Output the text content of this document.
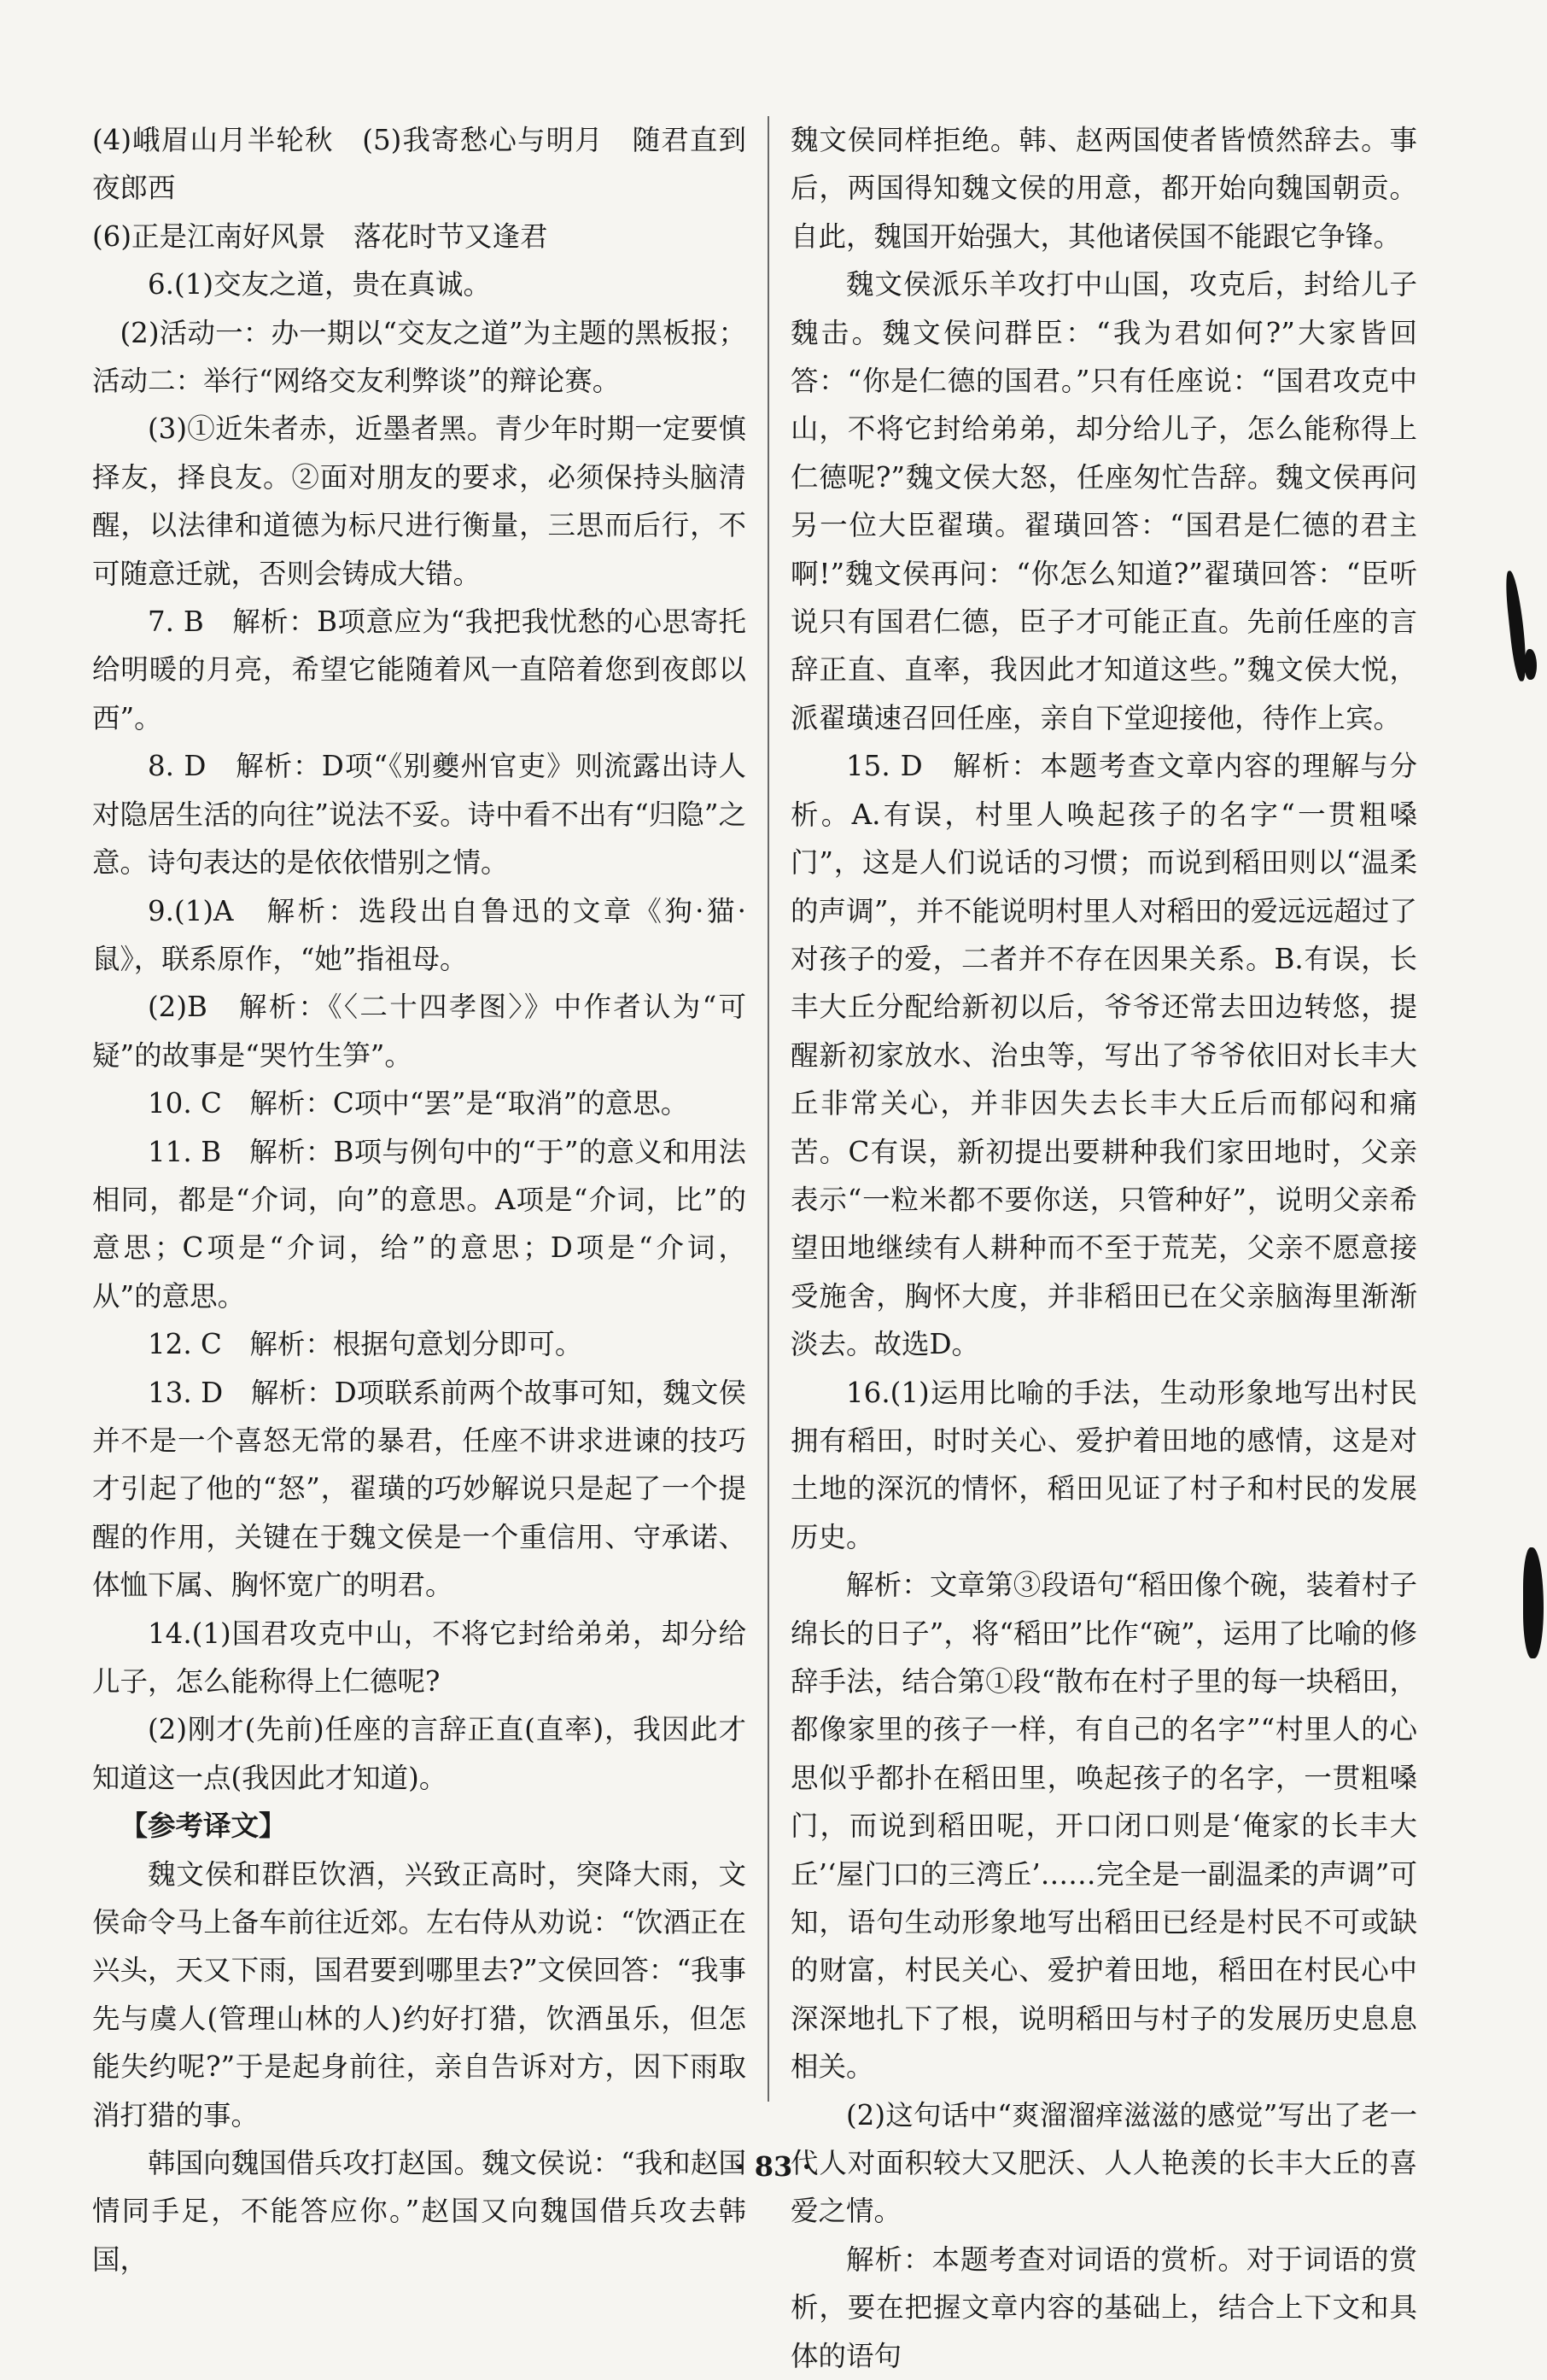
(4)峨眉山月半轮秋　(5)我寄愁心与明月　随君直到夜郎西

(6)正是江南好风景　落花时节又逢君

6.(1)交友之道，贵在真诚。

(2)活动一：办一期以“交友之道”为主题的黑板报；活动二：举行“网络交友利弊谈”的辩论赛。

(3)①近朱者赤，近墨者黑。青少年时期一定要慎择友，择良友。②面对朋友的要求，必须保持头脑清醒，以法律和道德为标尺进行衡量，三思而后行，不可随意迁就，否则会铸成大错。

7. B　解析：B项意应为“我把我忧愁的心思寄托给明暖的月亮，希望它能随着风一直陪着您到夜郎以西”。

8. D　解析：D项“《别夔州官吏》则流露出诗人对隐居生活的向往”说法不妥。诗中看不出有“归隐”之意。诗句表达的是依依惜别之情。

9.(1)A　解析：选段出自鲁迅的文章《狗·猫·鼠》，联系原作，“她”指祖母。

(2)B　解析：《〈二十四孝图〉》中作者认为“可疑”的故事是“哭竹生笋”。

10. C　解析：C项中“罢”是“取消”的意思。

11. B　解析：B项与例句中的“于”的意义和用法相同，都是“介词，向”的意思。A项是“介词，比”的意思；C项是“介词，给”的意思；D项是“介词，从”的意思。

12. C　解析：根据句意划分即可。

13. D　解析：D项联系前两个故事可知，魏文侯并不是一个喜怒无常的暴君，任座不讲求进谏的技巧才引起了他的“怒”，翟璜的巧妙解说只是起了一个提醒的作用，关键在于魏文侯是一个重信用、守承诺、体恤下属、胸怀宽广的明君。

14.(1)国君攻克中山，不将它封给弟弟，却分给儿子，怎么能称得上仁德呢?

(2)刚才(先前)任座的言辞正直(直率)，我因此才知道这一点(我因此才知道)。

【参考译文】

魏文侯和群臣饮酒，兴致正高时，突降大雨，文侯命令马上备车前往近郊。左右侍从劝说：“饮酒正在兴头，天又下雨，国君要到哪里去?”文侯回答：“我事先与虞人(管理山林的人)约好打猎，饮酒虽乐，但怎能失约呢?”于是起身前往，亲自告诉对方，因下雨取消打猎的事。

韩国向魏国借兵攻打赵国。魏文侯说：“我和赵国情同手足，不能答应你。”赵国又向魏国借兵攻去韩国，

魏文侯同样拒绝。韩、赵两国使者皆愤然辞去。事后，两国得知魏文侯的用意，都开始向魏国朝贡。自此，魏国开始强大，其他诸侯国不能跟它争锋。

魏文侯派乐羊攻打中山国，攻克后，封给儿子魏击。魏文侯问群臣：“我为君如何?”大家皆回答：“你是仁德的国君。”只有任座说：“国君攻克中山，不将它封给弟弟，却分给儿子，怎么能称得上仁德呢?”魏文侯大怒，任座匆忙告辞。魏文侯再问另一位大臣翟璜。翟璜回答：“国君是仁德的君主啊!”魏文侯再问：“你怎么知道?”翟璜回答：“臣听说只有国君仁德，臣子才可能正直。先前任座的言辞正直、直率，我因此才知道这些。”魏文侯大悦，派翟璜速召回任座，亲自下堂迎接他，待作上宾。

15. D　解析：本题考查文章内容的理解与分析。A.有误，村里人唤起孩子的名字“一贯粗嗓门”，这是人们说话的习惯；而说到稻田则以“温柔的声调”，并不能说明村里人对稻田的爱远远超过了对孩子的爱，二者并不存在因果关系。B.有误，长丰大丘分配给新初以后，爷爷还常去田边转悠，提醒新初家放水、治虫等，写出了爷爷依旧对长丰大丘非常关心，并非因失去长丰大丘后而郁闷和痛苦。C有误，新初提出要耕种我们家田地时，父亲表示“一粒米都不要你送，只管种好”，说明父亲希望田地继续有人耕种而不至于荒芜，父亲不愿意接受施舍，胸怀大度，并非稻田已在父亲脑海里渐渐淡去。故选D。

16.(1)运用比喻的手法，生动形象地写出村民拥有稻田，时时关心、爱护着田地的感情，这是对土地的深沉的情怀，稻田见证了村子和村民的发展历史。

解析：文章第③段语句“稻田像个碗，装着村子绵长的日子”，将“稻田”比作“碗”，运用了比喻的修辞手法，结合第①段“散布在村子里的每一块稻田，都像家里的孩子一样，有自己的名字”“村里人的心思似乎都扑在稻田里，唤起孩子的名字，一贯粗嗓门，而说到稻田呢，开口闭口则是‘俺家的长丰大丘’‘屋门口的三湾丘’……完全是一副温柔的声调”可知，语句生动形象地写出稻田已经是村民不可或缺的财富，村民关心、爱护着田地，稻田在村民心中深深地扎下了根，说明稻田与村子的发展历史息息相关。

(2)这句话中“爽溜溜痒滋滋的感觉”写出了老一代人对面积较大又肥沃、人人艳羡的长丰大丘的喜爱之情。

解析：本题考查对词语的赏析。对于词语的赏析，要在把握文章内容的基础上，结合上下文和具体的语句

· 83 ·
